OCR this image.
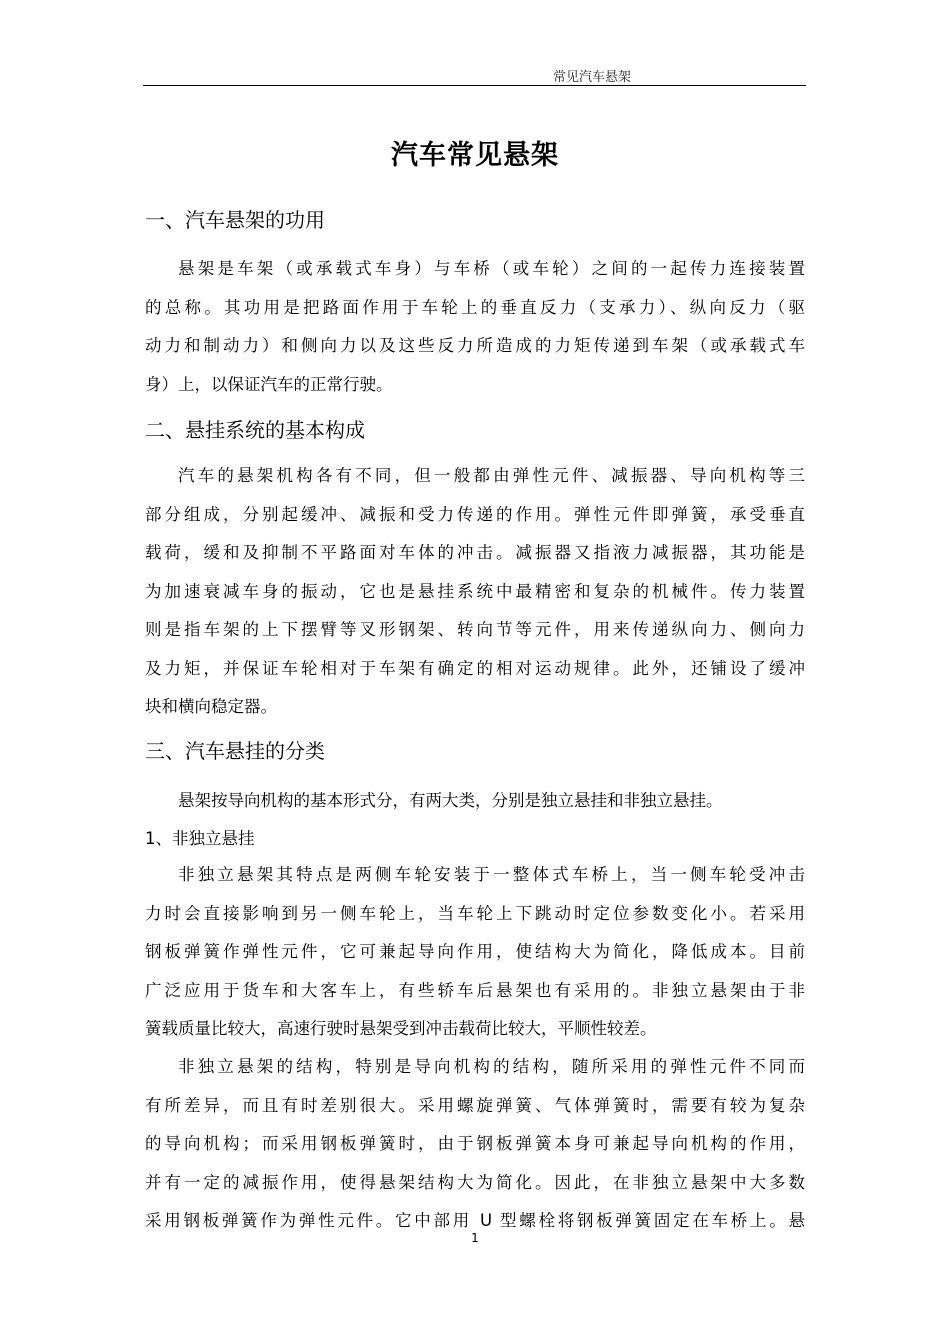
常见汽车悬架
汽车常见悬架
一、汽车悬架的功用
悬架是车架（或承载式车身）与车桥（或车轮）之间的一起传力连接装置
的总称。其功用是把路面作用于车轮上的垂直反力（支承力）、纵向反力（驱
动力和制动力）和侧向力以及这些反力所造成的力矩传递到车架（或承载式车
身）上，以保证汽车的正常行驶。
二、悬挂系统的基本构成
汽车的悬架机构各有不同，但一般都由弹性元件、减振器、导向机构等三
部分组成，分别起缓冲、减振和受力传递的作用。弹性元件即弹簧，承受垂直
载荷，缓和及抑制不平路面对车体的冲击。减振器又指液力减振器，其功能是
为加速衰减车身的振动，它也是悬挂系统中最精密和复杂的机械件。传力装置
则是指车架的上下摆臂等叉形钢架、转向节等元件，用来传递纵向力、侧向力
及力矩，并保证车轮相对于车架有确定的相对运动规律。此外，还铺设了缓冲
块和横向稳定器。
三、汽车悬挂的分类
悬架按导向机构的基本形式分，有两大类，分别是独立悬挂和非独立悬挂。
1、非独立悬挂
非独立悬架其特点是两侧车轮安装于一整体式车桥上，当一侧车轮受冲击
力时会直接影响到另一侧车轮上，当车轮上下跳动时定位参数变化小。若采用
钢板弹簧作弹性元件，它可兼起导向作用，使结构大为简化，降低成本。目前
广泛应用于货车和大客车上，有些轿车后悬架也有采用的。非独立悬架由于非
簧载质量比较大，高速行驶时悬架受到冲击载荷比较大，平顺性较差。
非独立悬架的结构，特别是导向机构的结构，随所采用的弹性元件不同而
有所差异，而且有时差别很大。采用螺旋弹簧、气体弹簧时，需要有较为复杂
的导向机构；而采用钢板弹簧时，由于钢板弹簧本身可兼起导向机构的作用，
并有一定的减振作用，使得悬架结构大为简化。因此，在非独立悬架中大多数
采用钢板弹簧作为弹性元件。它中部用 U 型螺栓将钢板弹簧固定在车桥上。悬
1
